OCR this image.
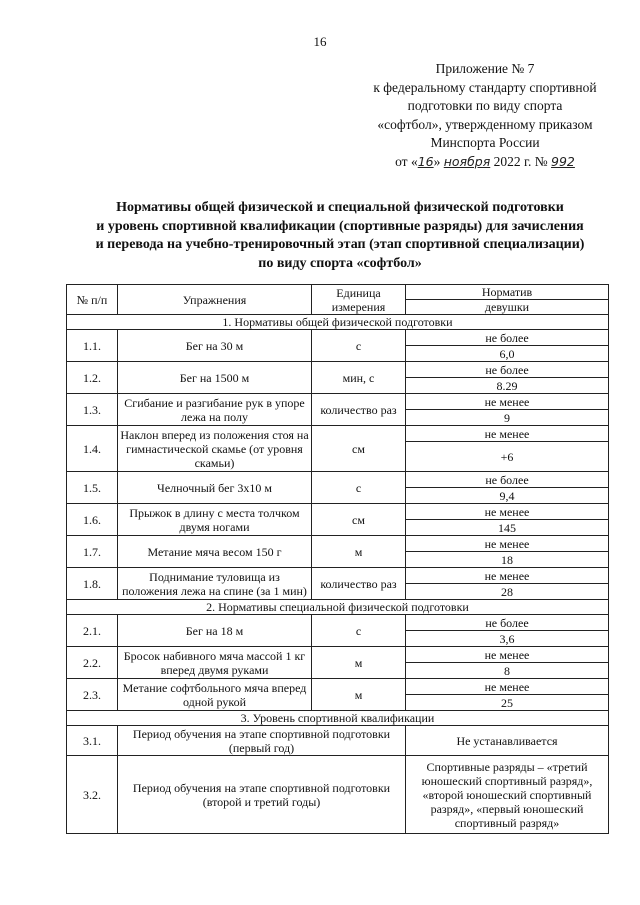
16
Приложение № 7
к федеральному стандарту спортивной
подготовки по виду спорта
«софтбол», утвержденному приказом
Минспорта России
от «16» ноября 2022 г. № 992
Нормативы общей физической и специальной физической подготовки
и уровень спортивной квалификации (спортивные разряды) для зачисления
и перевода на учебно-тренировочный этап (этап спортивной специализации)
по виду спорта «софтбол»
№ п/п	Упражнения	Единица измерения	Норматив
			девушки
1. Нормативы общей физической подготовки			
1.1.	Бег на 30 м	с	не более
			6,0
1.2.	Бег на 1500 м	мин, с	не более
			8.29
1.3.	Сгибание и разгибание рук в упоре лежа на полу	количество раз	не менее
			9
1.4.	Наклон вперед из положения стоя на гимнастической скамье (от уровня скамьи)	см	не менее
			+6
1.5.	Челночный бег 3х10 м	с	не более
			9,4
1.6.	Прыжок в длину с места толчком двумя ногами	см	не менее
			145
1.7.	Метание мяча весом 150 г	м	не менее
			18
1.8.	Поднимание туловища из положения лежа на спине (за 1 мин)	количество раз	не менее
			28
2. Нормативы специальной физической подготовки			
2.1.	Бег на 18 м	с	не более
			3,6
2.2.	Бросок набивного мяча массой 1 кг вперед двумя руками	м	не менее
			8
2.3.	Метание софтбольного мяча вперед одной рукой	м	не менее
			25
3. Уровень спортивной квалификации			
3.1.	Период обучения на этапе спортивной подготовки (первый год)		Не устанавливается
3.2.	Период обучения на этапе спортивной подготовки (второй и третий годы)		Спортивные разряды – «третий юношеский спортивный разряд», «второй юношеский спортивный разряд», «первый юношеский спортивный разряд»
